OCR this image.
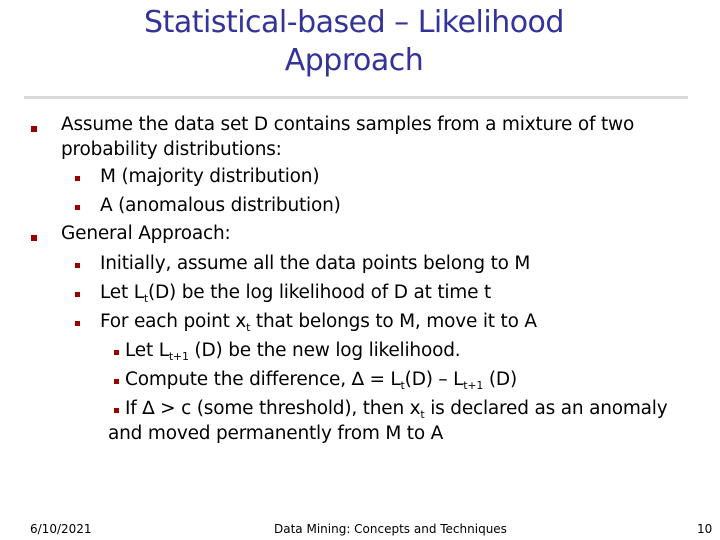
Statistical-based – Likelihood
Approach
Assume the data set D contains samples from a mixture of two
probability distributions:
M (majority distribution)
A (anomalous distribution)
General Approach:
Initially, assume all the data points belong to M
Let $L_t(D)$ be the log likelihood of D at time t
For each point $x_t$ that belongs to M, move it to A
Let $L_{t+1}$ (D) be the new log likelihood.
Compute the difference, ∆ = $L_t(D) - L_{t+1}$ (D)
If ∆ > c (some threshold), then $x_t$ is declared as an anomaly
and moved permanently from M to A
6/10/2021	Data Mining: Concepts and Techniques	10
